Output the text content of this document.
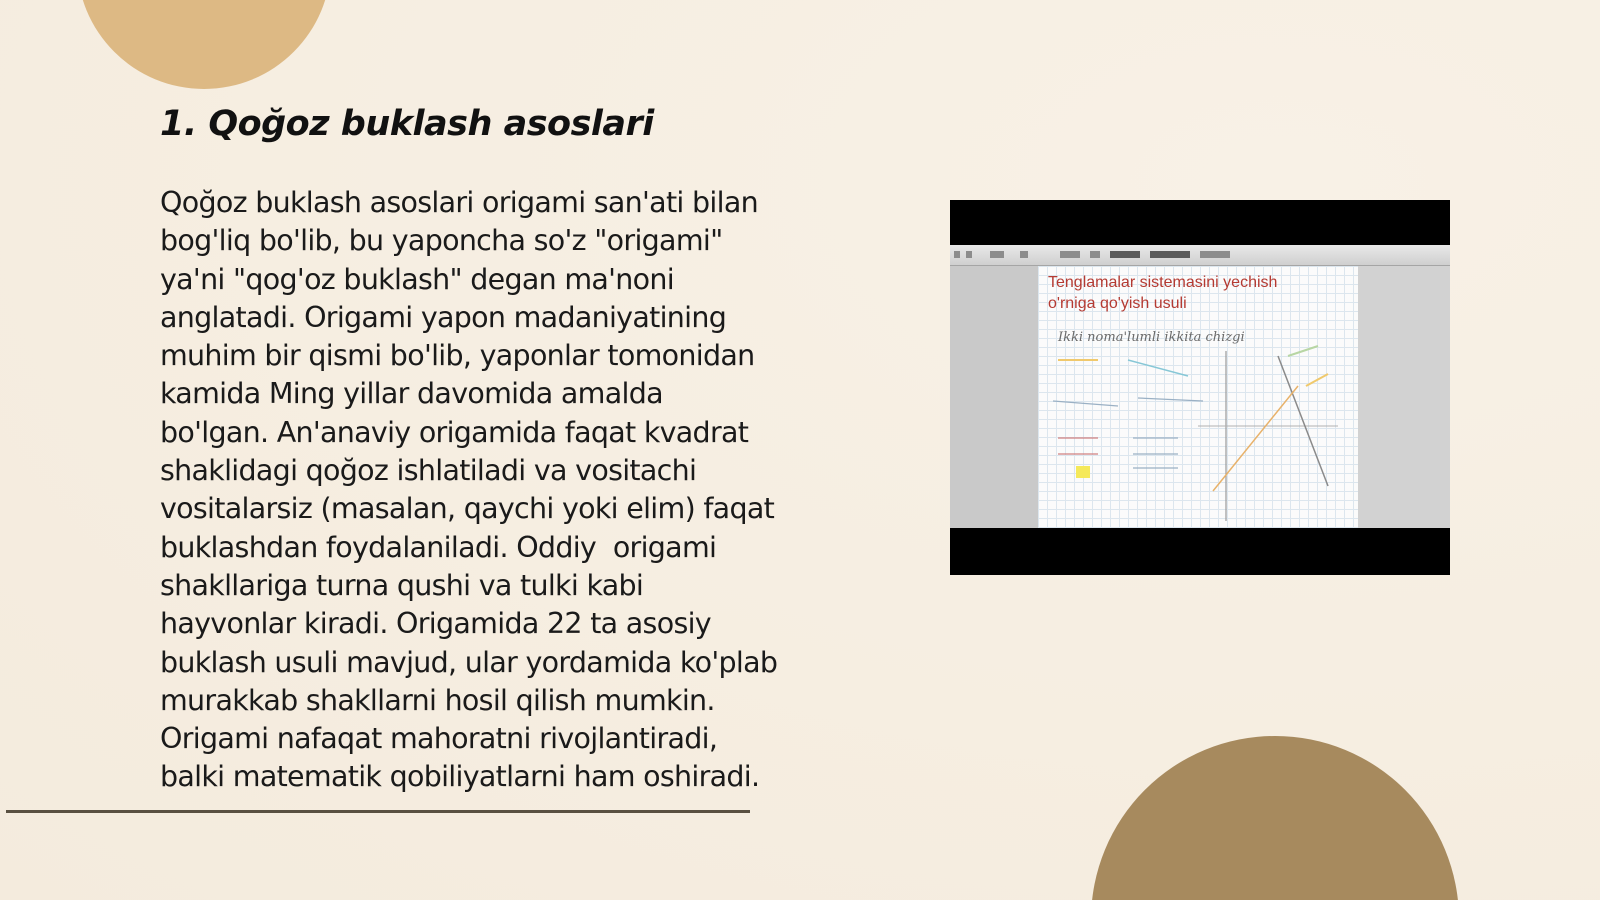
1. Qoğoz buklash asoslari

Qoğoz buklash asoslari origami san'ati bilan
bog'liq bo'lib, bu yaponcha so'z "origami"
ya'ni "qog'oz buklash" degan ma'noni
anglatadi. Origami yapon madaniyatining
muhim bir qismi bo'lib, yaponlar tomonidan
kamida Ming yillar davomida amalda
bo'lgan. An'anaviy origamida faqat kvadrat
shaklidagi qoğoz ishlatiladi va vositachi
vositalarsiz (masalan, qaychi yoki elim) faqat
buklashdan foydalaniladi. Oddiy  origami
shakllariga turna qushi va tulki kabi
hayvonlar kiradi. Origamida 22 ta asosiy
buklash usuli mavjud, ular yordamida ko'plab
murakkab shakllarni hosil qilish mumkin.
Origami nafaqat mahoratni rivojlantiradi,
balki matematik qobiliyatlarni ham oshiradi.

Tenglamalar sistemasini yechish
o'rniga qo'yish usuli
Ikki noma'lumli ikkita chizgi
